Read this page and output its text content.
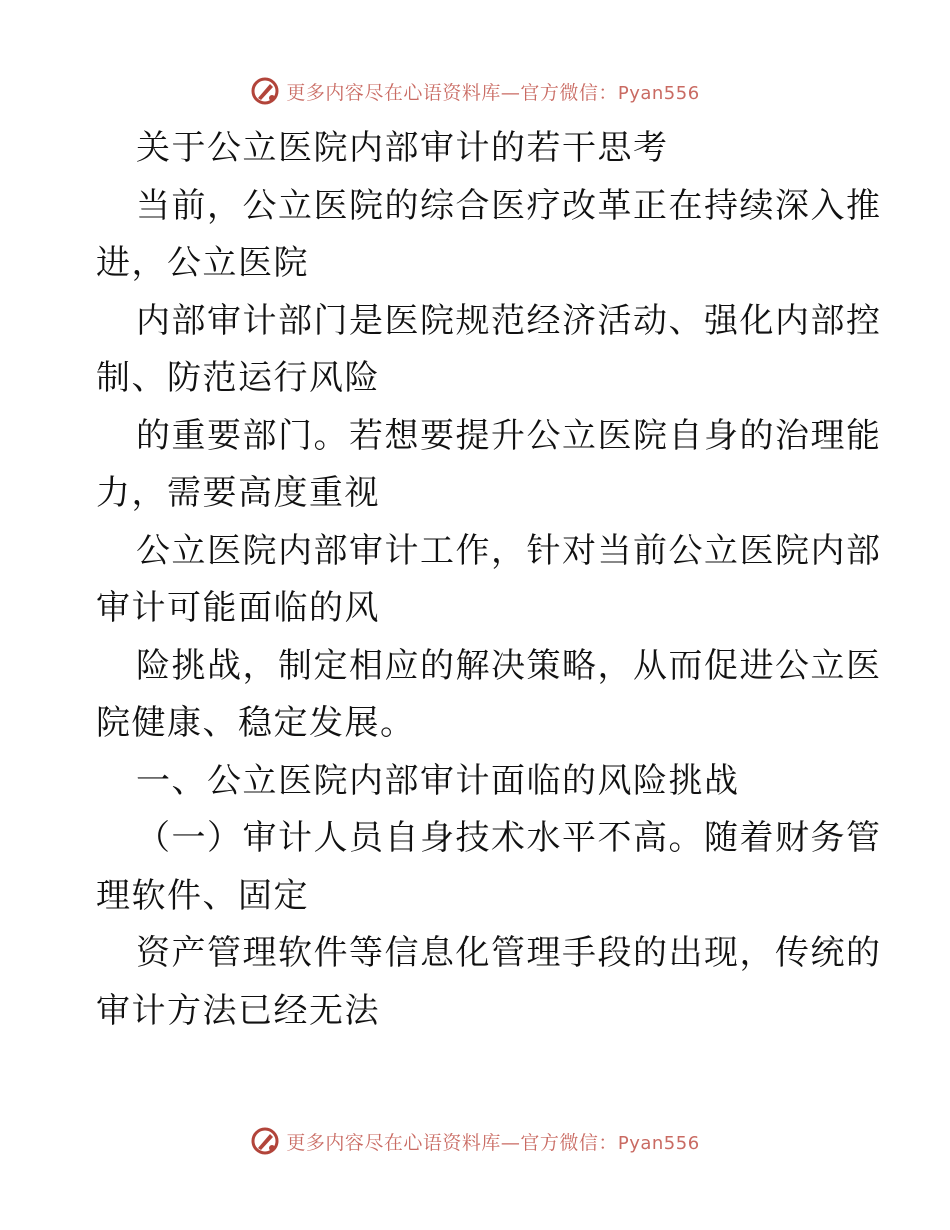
更多内容尽在心语资料库—官方微信：Pyan556
关于公立医院内部审计的若干思考
当前，公立医院的综合医疗改革正在持续深入推
进，公立医院
内部审计部门是医院规范经济活动、强化内部控
制、防范运行风险
的重要部门。若想要提升公立医院自身的治理能
力，需要高度重视
公立医院内部审计工作，针对当前公立医院内部
审计可能面临的风
险挑战，制定相应的解决策略，从而促进公立医
院健康、稳定发展。
一、公立医院内部审计面临的风险挑战
（一）审计人员自身技术水平不高。随着财务管
理软件、固定
资产管理软件等信息化管理手段的出现，传统的
审计方法已经无法
更多内容尽在心语资料库—官方微信：Pyan556
